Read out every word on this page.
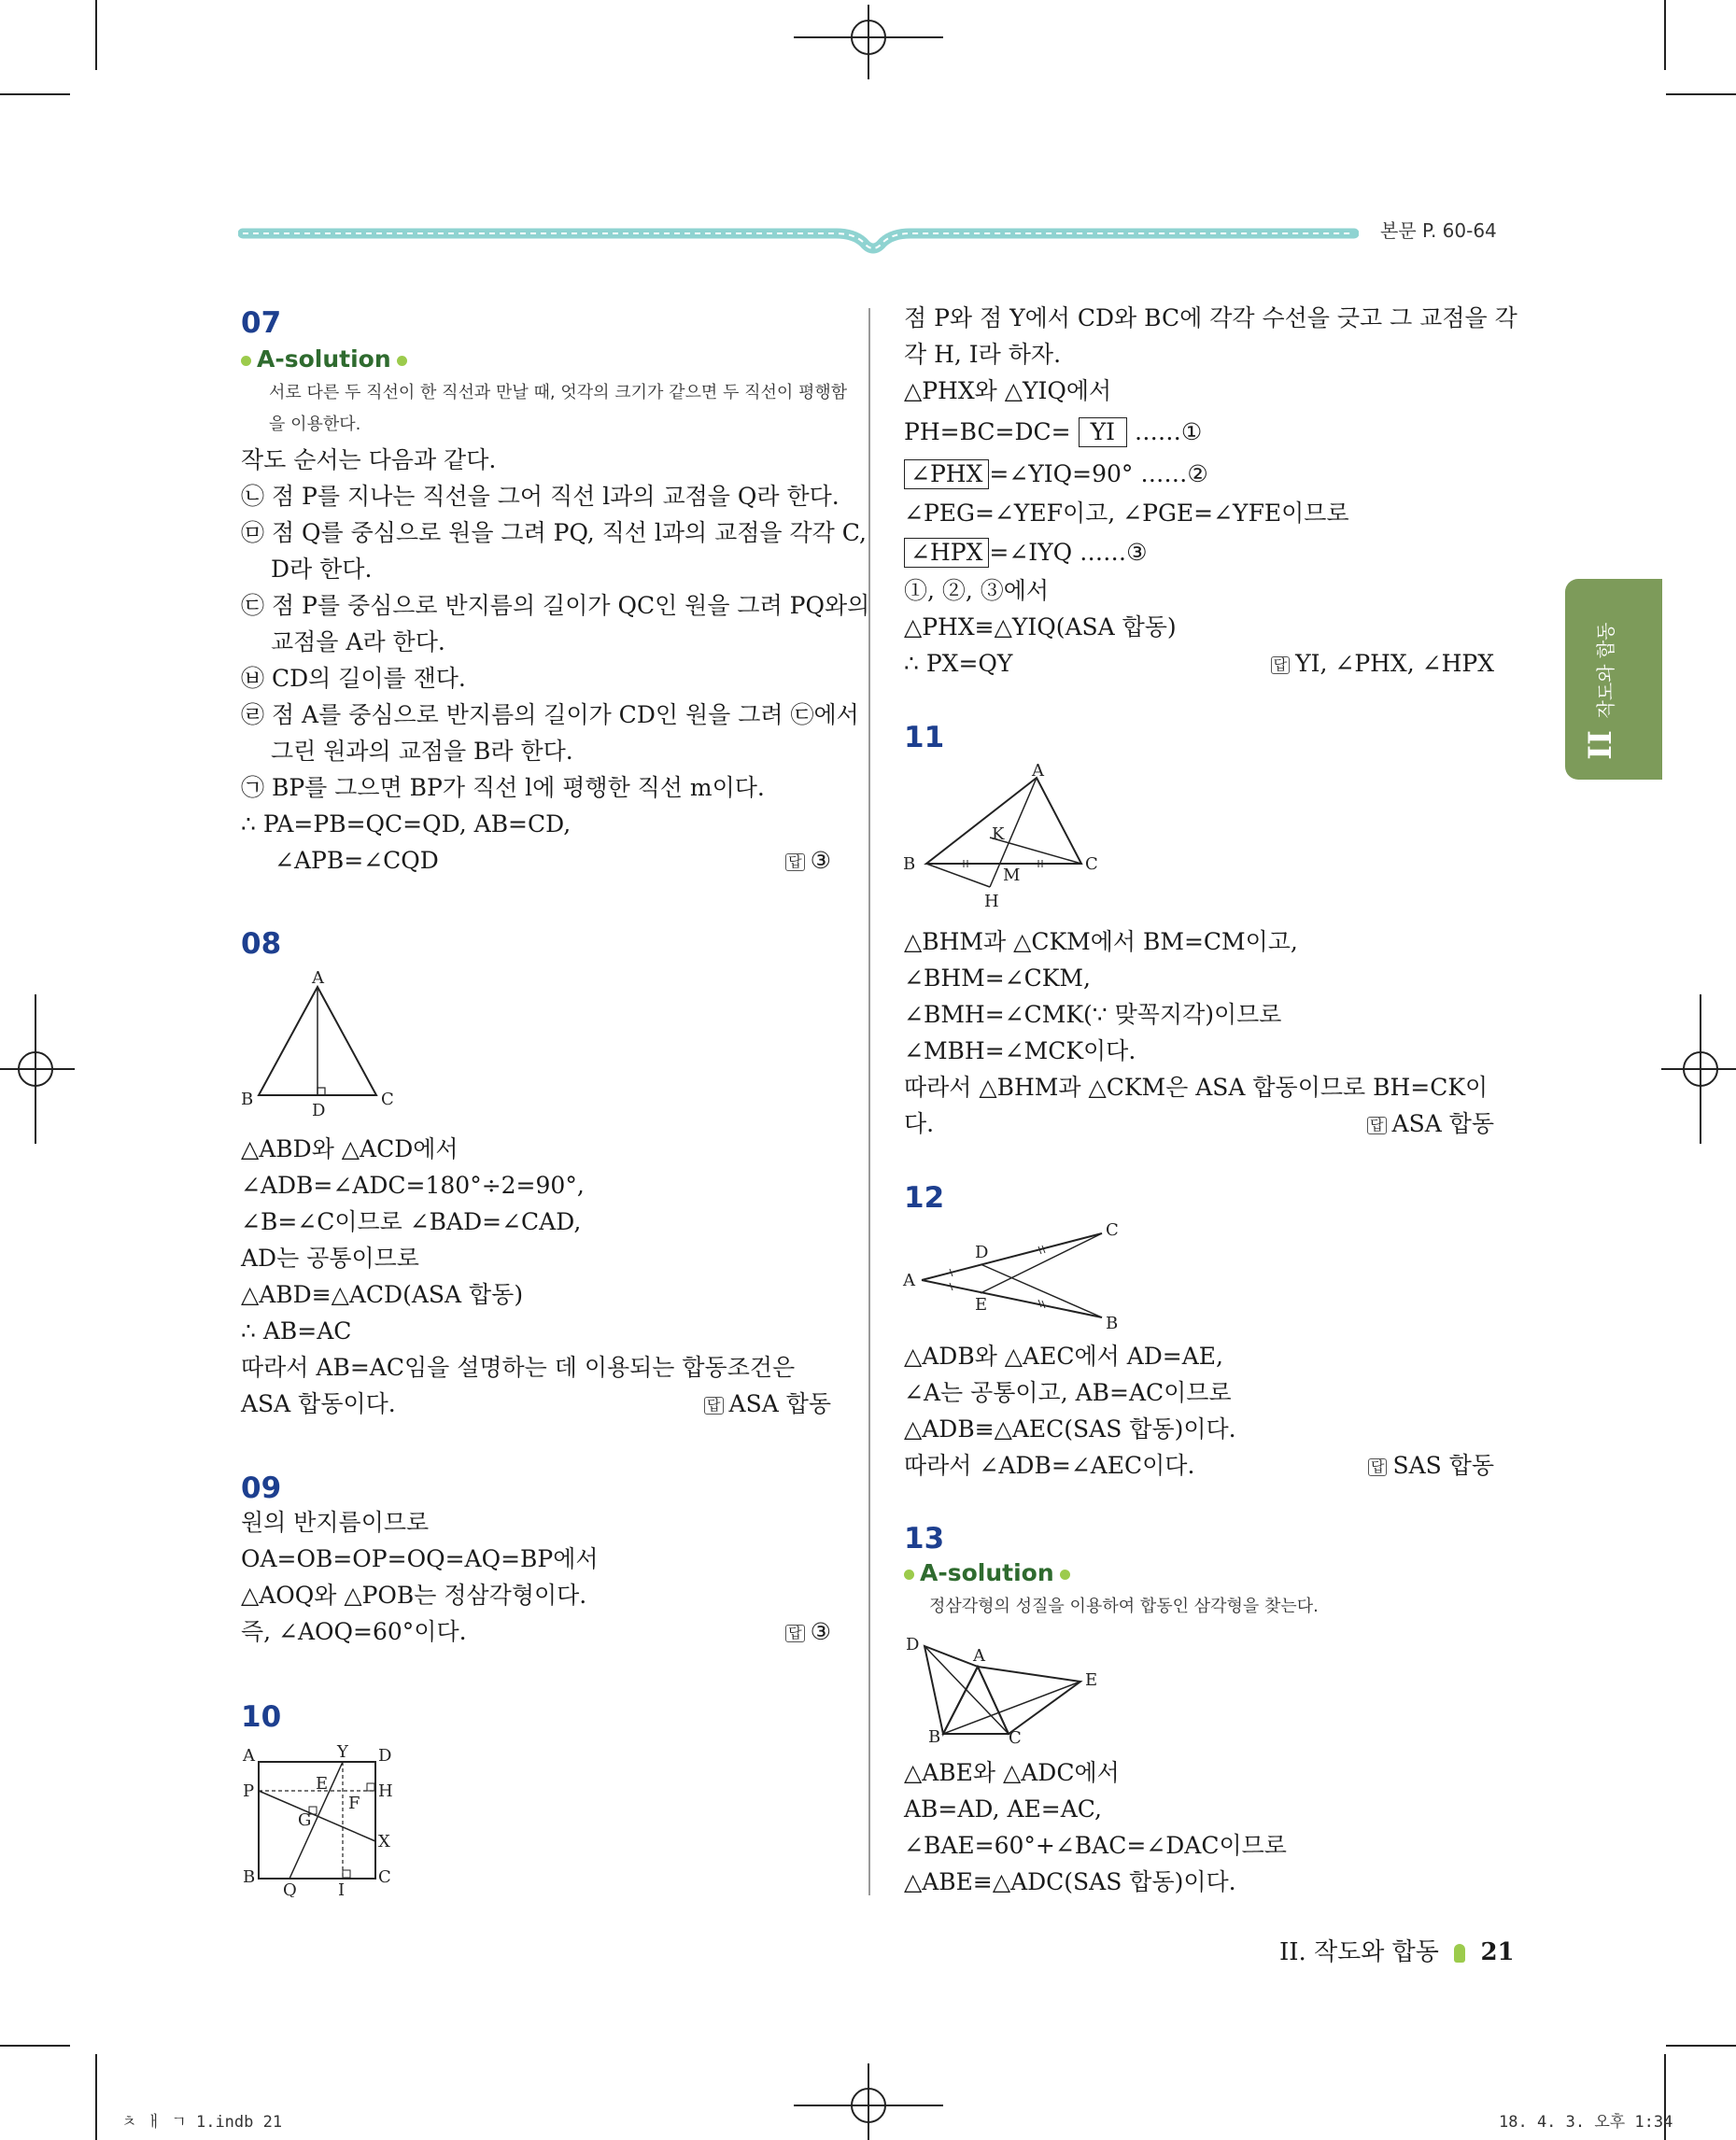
본문 P. 60-64
작도와 합동
II
07
A-solution
서로 다른 두 직선이 한 직선과 만날 때, 엇각의 크기가 같으면 두 직선이 평행함
을 이용한다.
작도 순서는 다음과 같다.
㉡ 점 P를 지나는 직선을 그어 직선 l과의 교점을 Q라 한다.
㉤ 점 Q를 중심으로 원을 그려 PQ, 직선 l과의 교점을 각각 C,
D라 한다.
㉢ 점 P를 중심으로 반지름의 길이가 QC인 원을 그려 PQ와의
교점을 A라 한다.
㉥ CD의 길이를 잰다.
㉣ 점 A를 중심으로 반지름의 길이가 CD인 원을 그려 ㉢에서
그린 원과의 교점을 B라 한다.
㉠ BP를 그으면 BP가 직선 l에 평행한 직선 m이다.
∴ PA=PB=QC=QD, AB=CD,
∠APB=∠CQD	답 ③
08
A
B
D
C
△ABD와 △ACD에서
∠ADB=∠ADC=180°÷2=90°,
∠B=∠C이므로 ∠BAD=∠CAD,
AD는 공통이므로
△ABD≡△ACD(ASA 합동)
∴ AB=AC
따라서 AB=AC임을 설명하는 데 이용되는 합동조건은
ASA 합동이다.	답 ASA 합동
09
원의 반지름이므로
OA=OB=OP=OQ=AQ=BP에서
△AOQ와 △POB는 정삼각형이다.
즉, ∠AOQ=60°이다.	답 ③
10
A	Y D
P	E	H
F
G
X
B
Q I
C
점 P와 점 Y에서 CD와 BC에 각각 수선을 긋고 그 교점을 각
각 H, I라 하자.
△PHX와 △YIQ에서
PH=BC=DC= YI ……①
∠PHX =∠YIQ=90° ……②
∠PEG=∠YEF이고, ∠PGE=∠YFE이므로
∠HPX =∠IYQ ……③
①, ②, ③에서
△PHX≡△YIQ(ASA 합동)
∴ PX=QY	답 YI, ∠PHX, ∠HPX
11
A
K
B
M
C
H
△BHM과 △CKM에서 BM=CM이고,
∠BHM=∠CKM,
∠BMH=∠CMK(∵ 맞꼭지각)이므로
∠MBH=∠MCK이다.
따라서 △BHM과 △CKM은 ASA 합동이므로 BH=CK이
다.	답 ASA 합동
12
C
D
A
E
B
△ADB와 △AEC에서 AD=AE,
∠A는 공통이고, AB=AC이므로
△ADB≡△AEC(SAS 합동)이다.
따라서 ∠ADB=∠AEC이다.	답 SAS 합동
13
A-solution
정삼각형의 성질을 이용하여 합동인 삼각형을 찾는다.
D
A
E
B	C
△ABE와 △ADC에서
AB=AD, AE=AC,
∠BAE=60°+∠BAC=∠DAC이므로
△ABE≡△ADC(SAS 합동)이다.
II. 작도와 합동 21
ㅊ ㅐ ㄱ 1.indb 21	18. 4. 3. 오후 1:34
